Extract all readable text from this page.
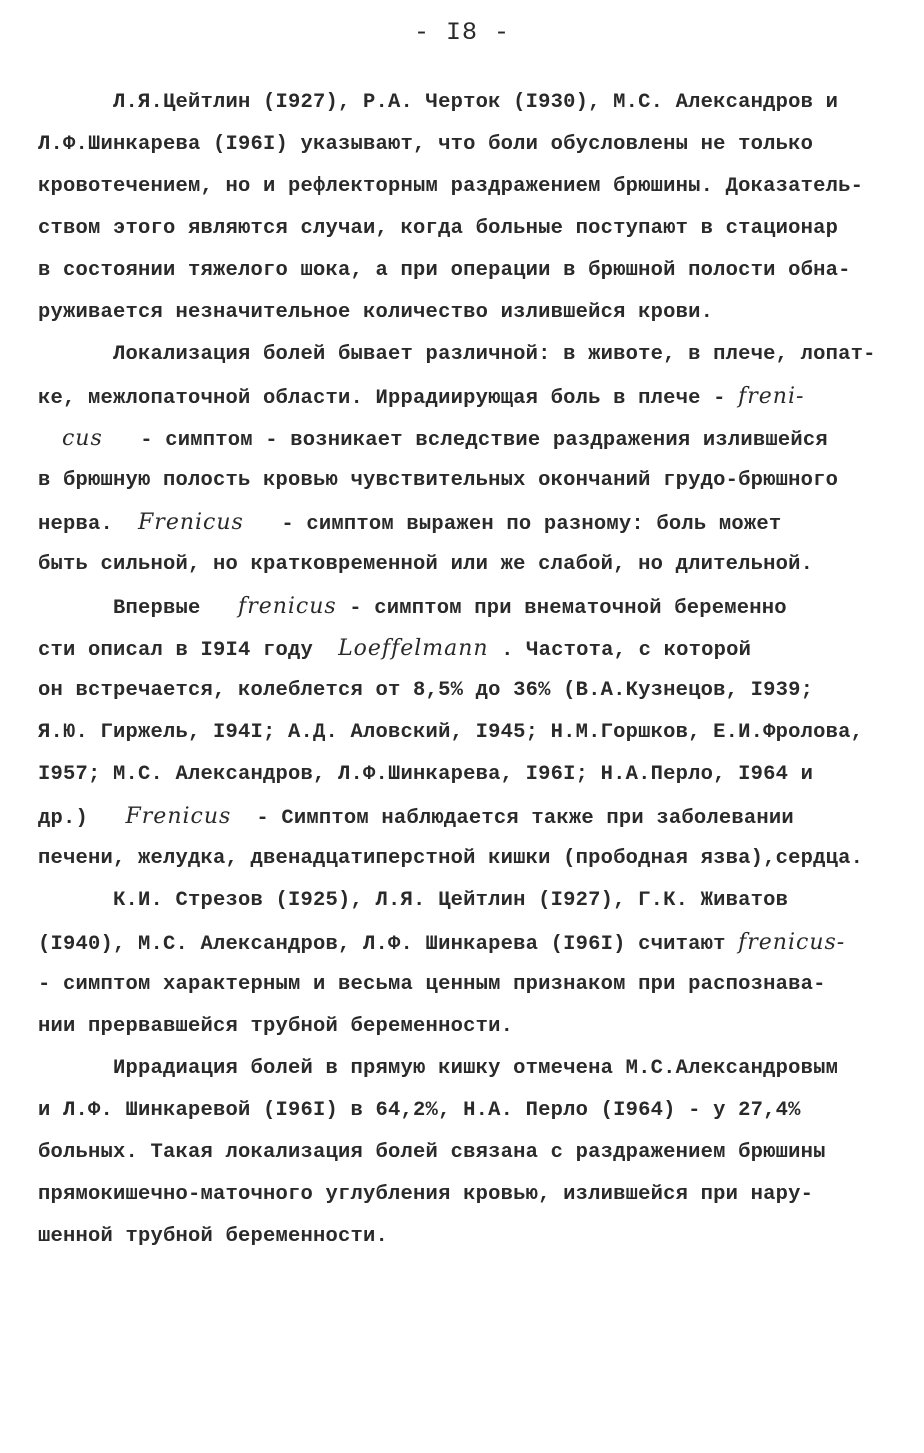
- I8 -
Л.Я.Цейтлин (I927), Р.А. Черток (I930), М.С. Александров и
Л.Ф.Шинкарева (I96I) указывают, что боли обусловлены не только
кровотечением, но и рефлекторным раздражением брюшины. Доказатель-
ством этого являются случаи, когда больные поступают в стационар
в состоянии тяжелого шока, а при операции в брюшной полости обна-
руживается незначительное количество излившейся крови.
Локализация болей бывает различной: в животе, в плече, лопат-
ке, межлопаточной области. Иррадиирующая боль в плече - freni-
cus   - симптом - возникает вследствие раздражения излившейся
в брюшную полость кровью чувствительных окончаний грудо-брюшного
нерва.  Frenicus   - симптом выражен по разному: боль может
быть сильной, но кратковременной или же слабой, но длительной.
Впервые   frenicus - симптом при внематочной беременно
сти описал в I9I4 году  Loeffelmann . Частота, с которой
он встречается, колеблется от 8,5% до 36% (В.А.Кузнецов, I939;
Я.Ю. Гиржель, I94I; А.Д. Аловский, I945; Н.М.Горшков, Е.И.Фролова,
I957; М.С. Александров, Л.Ф.Шинкарева, I96I; Н.А.Перло, I964 и
др.)   Frenicus  - Симптом наблюдается также при заболевании
печени, желудка, двенадцатиперстной кишки (прободная язва),сердца.
К.И. Стрезов (I925), Л.Я. Цейтлин (I927), Г.К. Живатов
(I940), М.С. Александров, Л.Ф. Шинкарева (I96I) считают frenicus-
- симптом характерным и весьма ценным признаком при распознава-
нии прервавшейся трубной беременности.
Иррадиация болей в прямую кишку отмечена М.С.Александровым
и Л.Ф. Шинкаревой (I96I) в 64,2%, Н.А. Перло (I964) - у 27,4%
больных. Такая локализация болей связана с раздражением брюшины
прямокишечно-маточного углубления кровью, излившейся при нару-
шенной трубной беременности.
